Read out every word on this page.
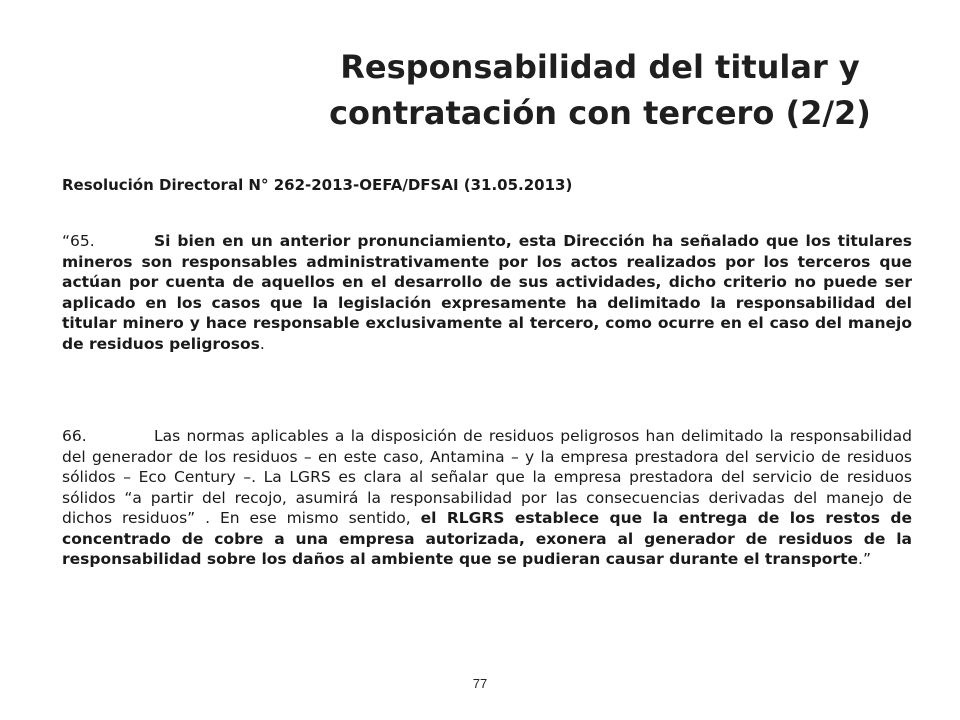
Responsabilidad del titular y
contratación con tercero (2/2)

Resolución Directoral N° 262-2013-OEFA/DFSAI (31.05.2013)

“65.	Si bien en un anterior pronunciamiento, esta Dirección ha señalado que los titulares mineros son responsables administrativamente por los actos realizados por los terceros que actúan por cuenta de aquellos en el desarrollo de sus actividades, dicho criterio no puede ser aplicado en los casos que la legislación expresamente ha delimitado la responsabilidad del titular minero y hace responsable exclusivamente al tercero, como ocurre en el caso del manejo de residuos peligrosos.

66.	Las normas aplicables a la disposición de residuos peligrosos han delimitado la responsabilidad del generador de los residuos – en este caso, Antamina – y la empresa prestadora del servicio de residuos sólidos – Eco Century –. La LGRS es clara al señalar que la empresa prestadora del servicio de residuos sólidos “a partir del recojo, asumirá la responsabilidad por las consecuencias derivadas del manejo de dichos residuos” . En ese mismo sentido, el RLGRS establece que la entrega de los restos de concentrado de cobre a una empresa autorizada, exonera al generador de residuos de la responsabilidad sobre los daños al ambiente que se pudieran causar durante el transporte.”

77
